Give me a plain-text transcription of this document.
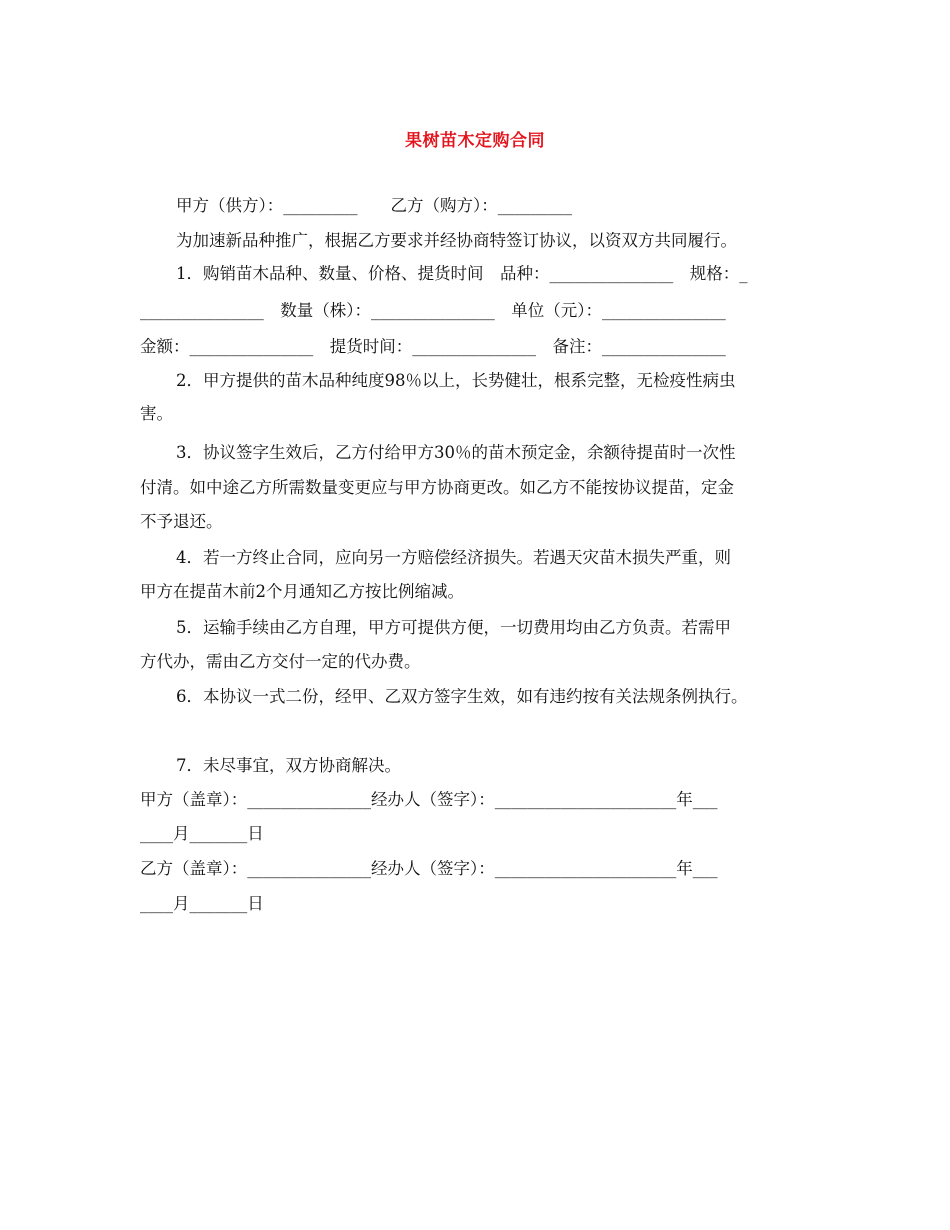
果树苗木定购合同
甲方（供方）：_________　　乙方（购方）：_________
为加速新品种推广，根据乙方要求并经协商特签订协议，以资双方共同履行。
1．购销苗木品种、数量、价格、提货时间　品种：_______________　规格：_
_______________　数量（株）：_______________　单位（元）：_______________
金额：_______________　提货时间：_______________　备注：_______________
2．甲方提供的苗木品种纯度98％以上，长势健壮，根系完整，无检疫性病虫
害。
3．协议签字生效后，乙方付给甲方30％的苗木预定金，余额待提苗时一次性
付清。如中途乙方所需数量变更应与甲方协商更改。如乙方不能按协议提苗，定金
不予退还。
4．若一方终止合同，应向另一方赔偿经济损失。若遇天灾苗木损失严重，则
甲方在提苗木前2个月通知乙方按比例缩减。
5．运输手续由乙方自理，甲方可提供方便，一切费用均由乙方负责。若需甲
方代办，需由乙方交付一定的代办费。
6．本协议一式二份，经甲、乙双方签字生效，如有违约按有关法规条例执行。
7．未尽事宜，双方协商解决。
甲方（盖章）：_______________经办人（签字）：______________________年___
____月_______日
乙方（盖章）：_______________经办人（签字）：______________________年___
____月_______日
